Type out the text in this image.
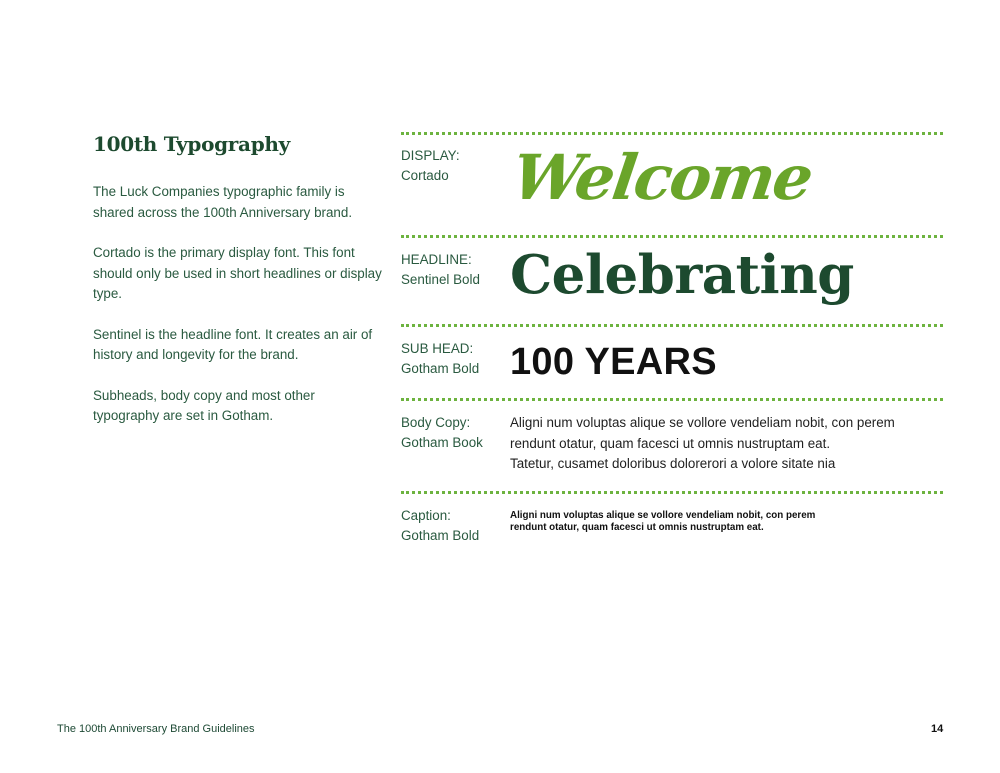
100th Typography

The Luck Companies typographic family is shared across the 100th Anniversary brand.

Cortado is the primary display font. This font should only be used in short headlines or display type.

Sentinel is the headline font. It creates an air of history and longevity for the brand.

Subheads, body copy and most other typography are set in Gotham.

DISPLAY:
Cortado Welcome
HEADLINE:
Sentinel Bold Celebrating
SUB HEAD:
Gotham Bold 100 YEARS
Body Copy:
Gotham Book
Aligni num voluptas alique se vollore vendeliam nobit, con perem
rendunt otatur, quam facesci ut omnis nustruptam eat.
Tatetur, cusamet doloribus dolorerori a volore sitate nia
Caption:
Gotham Bold
Aligni num voluptas alique se vollore vendeliam nobit, con perem rendunt otatur, quam facesci ut omnis nustruptam eat.
The 100th Anniversary Brand Guidelines	14
